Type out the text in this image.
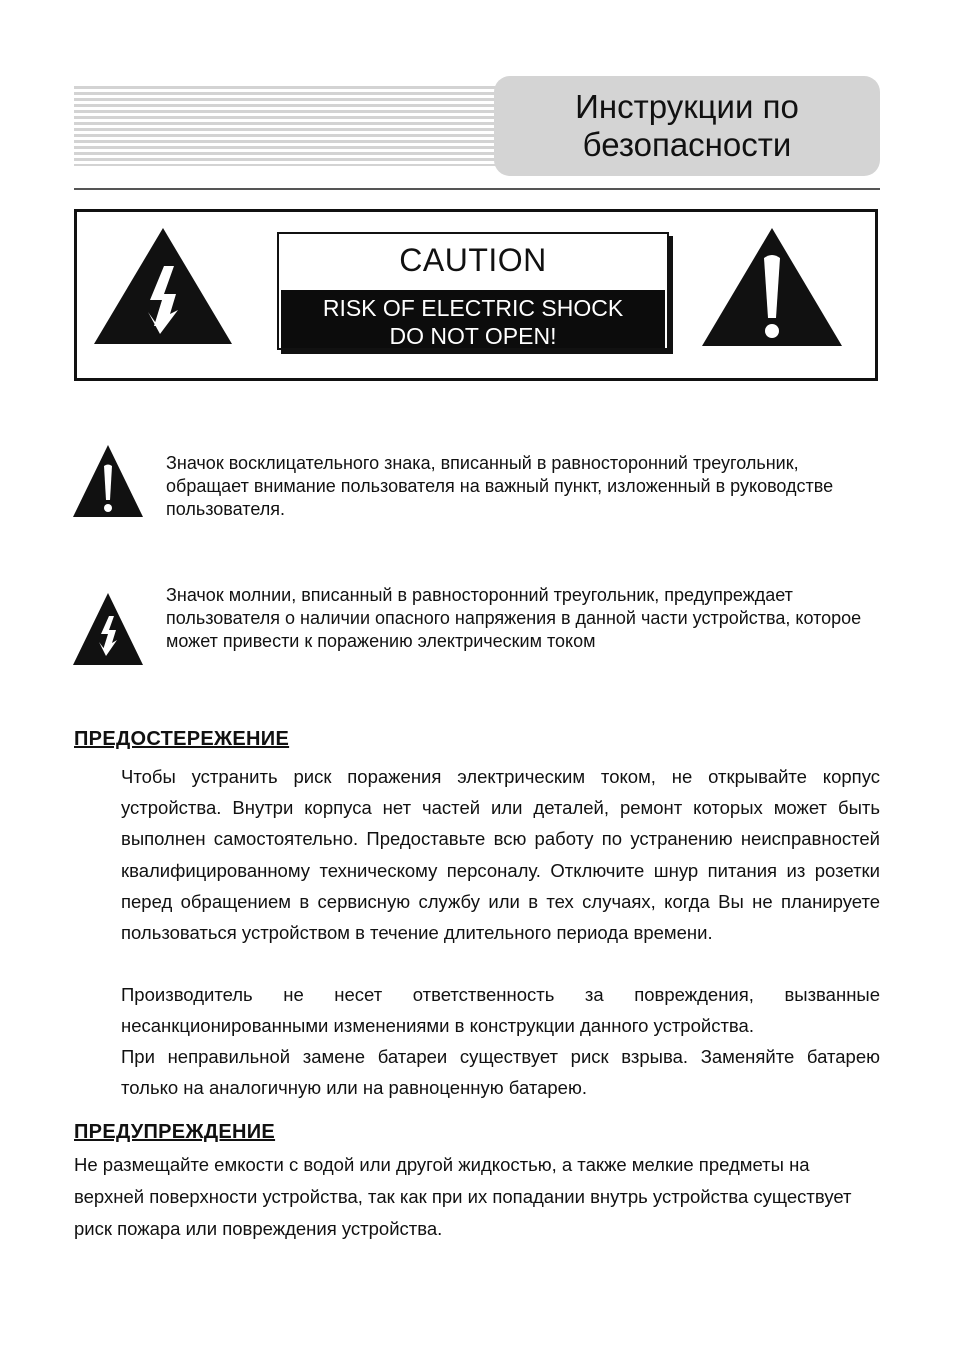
Инструкции по
безопасности
CAUTION
RISK OF ELECTRIC SHOCK
DO NOT OPEN!
Значок восклицательного знака, вписанный в равносторонний треугольник, обращает внимание пользователя на важный пункт, изложенный в руководстве пользователя.
Значок молнии, вписанный в равносторонний треугольник, предупреждает пользователя о наличии опасного напряжения в данной части устройства, которое может привести к поражению электрическим током
ПРЕДОСТЕРЕЖЕНИЕ
Чтобы устранить риск поражения электрическим током, не открывайте корпус устройства. Внутри корпуса нет частей или деталей, ремонт которых может быть выполнен самостоятельно. Предоставьте всю работу по устранению неисправностей квалифицированному техническому персоналу. Отключите шнур питания из розетки перед обращением в сервисную службу или в тех случаях, когда Вы не планируете пользоваться устройством в течение длительного периода времени.
Производитель не несет ответственность за повреждения, вызванные несанкционированными изменениями в конструкции данного устройства.
При неправильной замене батареи существует риск взрыва. Заменяйте батарею только на аналогичную или на равноценную батарею.
ПРЕДУПРЕЖДЕНИЕ
Не размещайте емкости с водой или другой жидкостью, а также мелкие предметы на верхней поверхности устройства, так как при их попадании внутрь устройства существует риск пожара или повреждения устройства.
